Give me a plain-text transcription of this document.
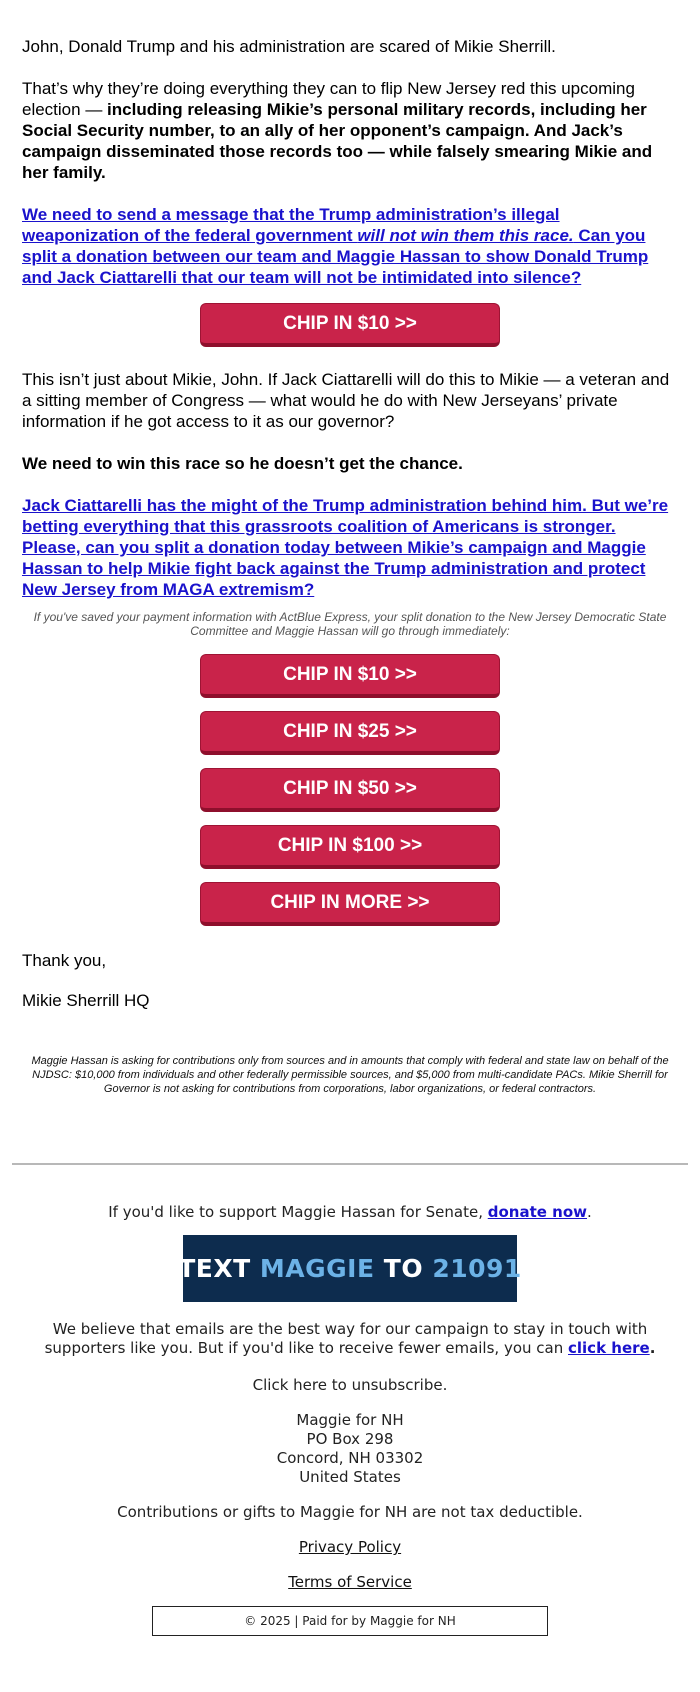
John, Donald Trump and his administration are scared of Mikie Sherrill.

That’s why they’re doing everything they can to flip New Jersey red this upcoming election — including releasing Mikie’s personal military records, including her Social Security number, to an ally of her opponent’s campaign. And Jack’s campaign disseminated those records too — while falsely smearing Mikie and her family.

We need to send a message that the Trump administration’s illegal weaponization of the federal government will not win them this race. Can you split a donation between our team and Maggie Hassan to show Donald Trump and Jack Ciattarelli that our team will not be intimidated into silence?

This isn’t just about Mikie, John. If Jack Ciattarelli will do this to Mikie — a veteran and a sitting member of Congress — what would he do with New Jerseyans’ private information if he got access to it as our governor?

We need to win this race so he doesn’t get the chance.

Jack Ciattarelli has the might of the Trump administration behind him. But we’re betting everything that this grassroots coalition of Americans is stronger. Please, can you split a donation today between Mikie’s campaign and Maggie Hassan to help Mikie fight back against the Trump administration and protect New Jersey from MAGA extremism?

If you've saved your payment information with ActBlue Express, your split donation to the New Jersey Democratic State Committee and Maggie Hassan will go through immediately:

Thank you,

Mikie Sherrill HQ

CHIP IN $10 >>
CHIP IN $10 >>
CHIP IN $25 >>
CHIP IN $50 >>
CHIP IN $100 >>
CHIP IN MORE >>

Maggie Hassan is asking for contributions only from sources and in amounts that comply with federal and state law on behalf of the NJDSC: $10,000 from individuals and other federally permissible sources, and $5,000 from multi-candidate PACs. Mikie Sherrill for Governor is not asking for contributions from corporations, labor organizations, or federal contractors.

If you'd like to support Maggie Hassan for Senate, donate now.

TEXT
MAGGIE
TO
21091

We believe that emails are the best way for our campaign to stay in touch with supporters like you. But if you'd like to receive fewer emails, you can click here.

Click here to unsubscribe.

Maggie for NH
PO Box 298
Concord, NH 03302
United States

Contributions or gifts to Maggie for NH are not tax deductible.

Privacy Policy

Terms of Service

© 2025 | Paid for by Maggie for NH
